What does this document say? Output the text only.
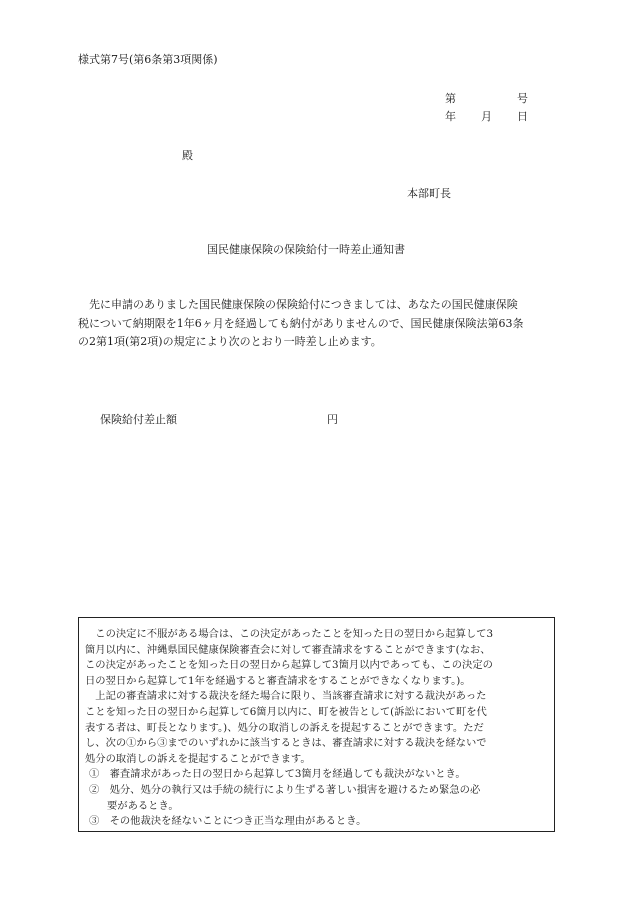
様式第7号(第6条第3項関係)
第	号
年 月 日
殿
本部町長
国民健康保険の保険給付一時差止通知書

　先に申請のありました国民健康保険の保険給付につきましては、あなたの国民健康保険

税について納期限を1年6ヶ月を経過しても納付がありませんので、国民健康保険法第63条

の2第1項(第2項)の規定により次のとおり一時差し止めます。

保険給付差止額	円

　この決定に不服がある場合は、この決定があったことを知った日の翌日から起算して3

箇月以内に、沖縄県国民健康保険審査会に対して審査請求をすることができます(なお、

この決定があったことを知った日の翌日から起算して3箇月以内であっても、この決定の

日の翌日から起算して1年を経過すると審査請求をすることができなくなります。)。

　上記の審査請求に対する裁決を経た場合に限り、当該審査請求に対する裁決があった

ことを知った日の翌日から起算して6箇月以内に、町を被告として(訴訟において町を代

表する者は、町長となります。)、処分の取消しの訴えを提起することができます。ただ

し、次の①から③までのいずれかに該当するときは、審査請求に対する裁決を経ないで

処分の取消しの訴えを提起することができます。

①　 審査請求があった日の翌日から起算して3箇月を経過しても裁決がないとき。

②　 処分、処分の執行又は手続の続行により生ずる著しい損害を避けるため緊急の必

要があるとき。

③　 その他裁決を経ないことにつき正当な理由があるとき。
